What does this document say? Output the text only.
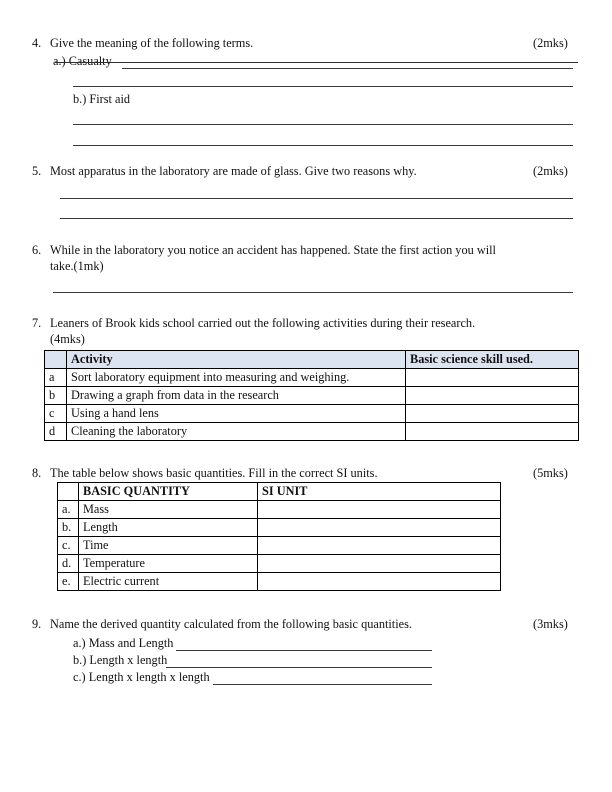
4. Give the meaning of the following terms.	(2mks)
a.) Casualty
b.) First aid
5. Most apparatus in the laboratory are made of glass. Give two reasons why.	(2mks)
6. While in the laboratory you notice an accident has happened. State the first action you will
take.(1mk)
7. Leaners of Brook kids school carried out the following activities during their research.
(4mks)
	Activity	Basic science skill used.
a	Sort laboratory equipment into measuring and weighing.	
b	Drawing a graph from data in the research	
c	Using a hand lens	
d	Cleaning the laboratory	
8. The table below shows basic quantities. Fill in the correct SI units.	(5mks)
	BASIC QUANTITY	SI UNIT
a.	Mass	
b.	Length	
c.	Time	
d.	Temperature	
e.	Electric current	
9. Name the derived quantity calculated from the following basic quantities.	(3mks)
a.) Mass and Length
b.) Length x length
c.) Length x length x length
